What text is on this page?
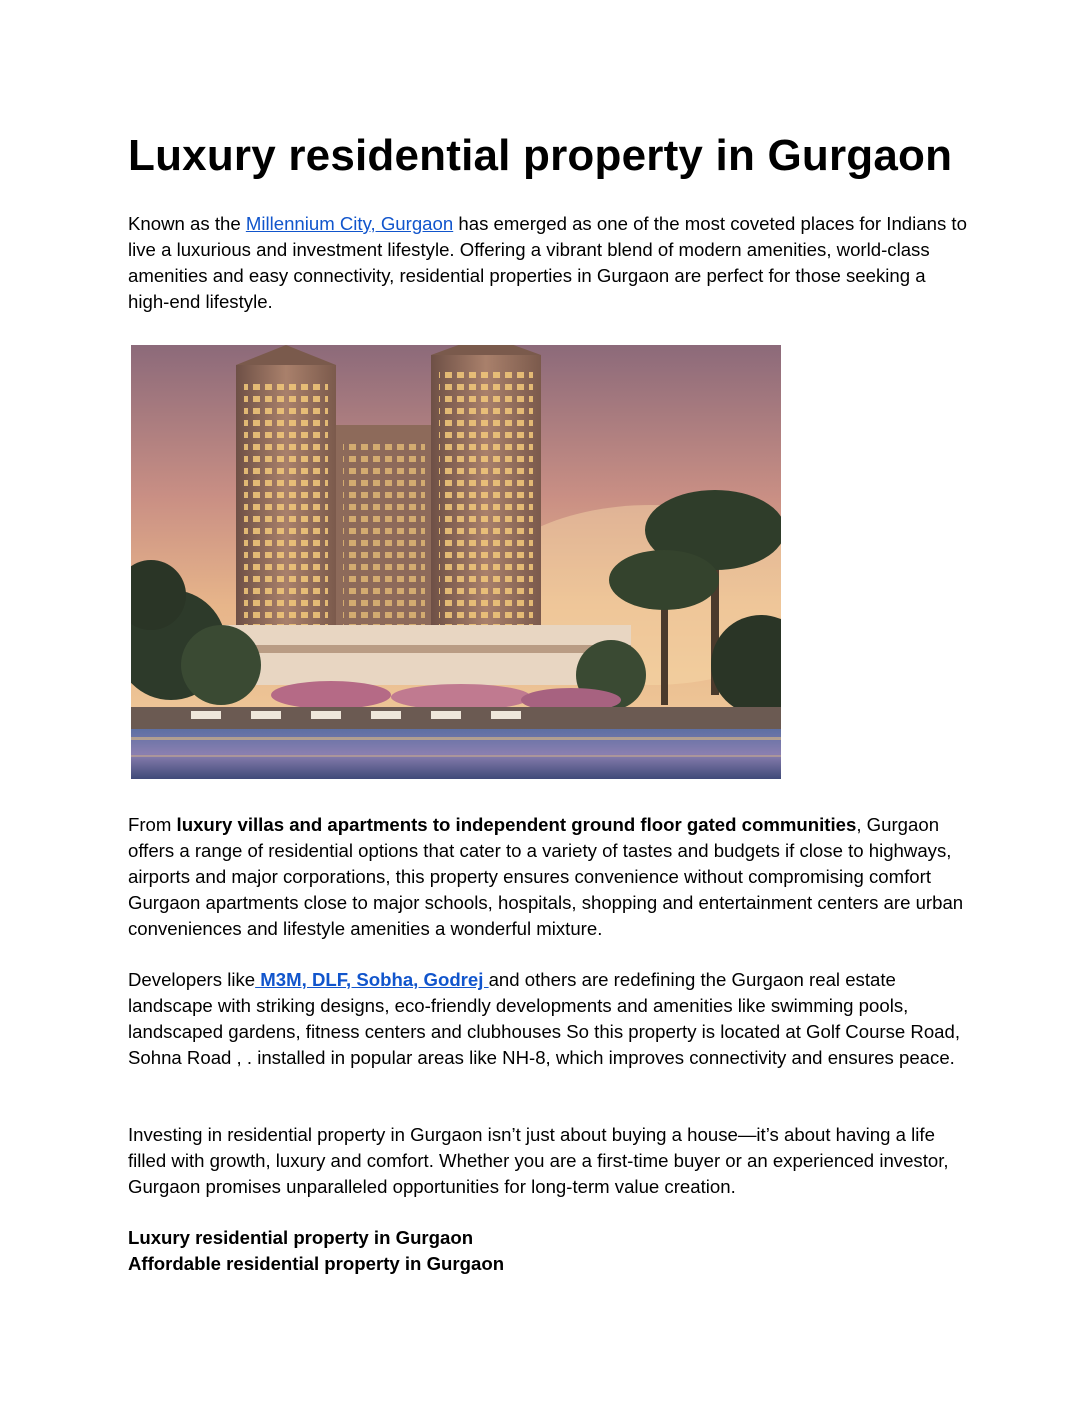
Luxury residential property in Gurgaon

Known as the Millennium City, Gurgaon has emerged as one of the most coveted places for Indians to live a luxurious and investment lifestyle. Offering a vibrant blend of modern amenities, world-class amenities and easy connectivity, residential properties in Gurgaon are perfect for those seeking a high-end lifestyle.

From luxury villas and apartments to independent ground floor gated communities, Gurgaon offers a range of residential options that cater to a variety of tastes and budgets if close to highways, airports and major corporations, this property ensures convenience without compromising comfort Gurgaon apartments close to major schools, hospitals, shopping and entertainment centers are urban conveniences and lifestyle amenities a wonderful mixture.

Developers like M3M, DLF, Sobha, Godrej and others are redefining the Gurgaon real estate landscape with striking designs, eco-friendly developments and amenities like swimming pools, landscaped gardens, fitness centers and clubhouses So this property is located at Golf Course Road, Sohna Road , . installed in popular areas like NH-8, which improves connectivity and ensures peace.

Investing in residential property in Gurgaon isn’t just about buying a house—it’s about having a life filled with growth, luxury and comfort. Whether you are a first-time buyer or an experienced investor, Gurgaon promises unparalleled opportunities for long-term value creation.

Luxury residential property in Gurgaon
Affordable residential property in Gurgaon
